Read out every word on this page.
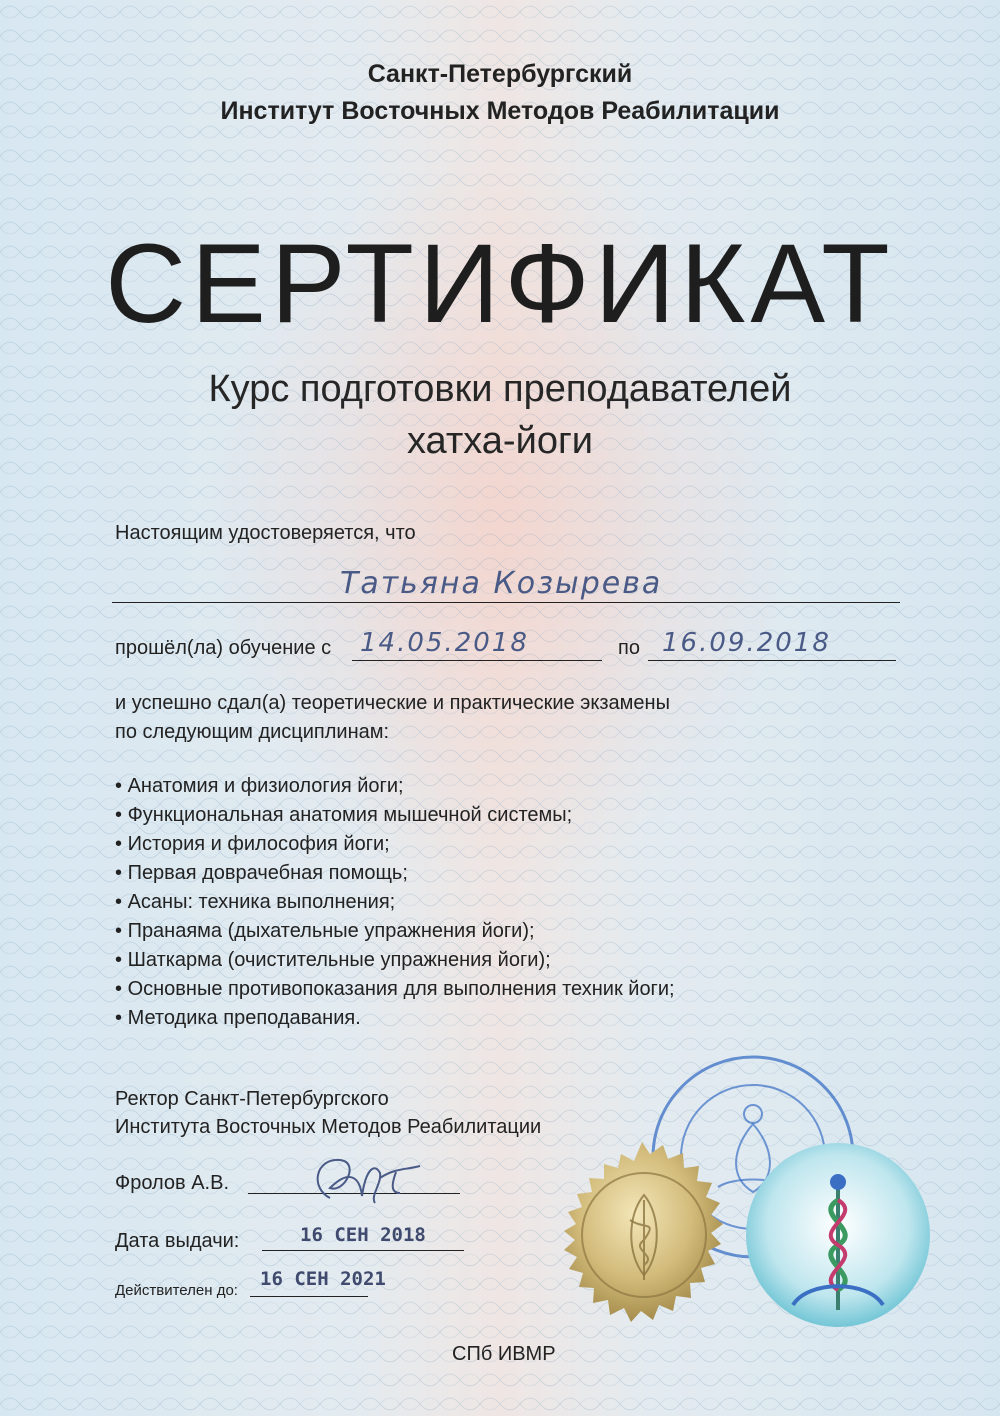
Санкт-Петербургский
Институт Восточных Методов Реабилитации
СЕРТИФИКАТ
Курс подготовки преподавателей
хатха-йоги
Настоящим удостоверяется, что
Татьяна Козырева
прошёл(ла) обучение с 14.05.2018	по 16.09.2018
и успешно сдал(а) теоретические и практические экзамены
по следующим дисциплинам:
• Анатомия и физиология йоги;
• Функциональная анатомия мышечной системы;
• История и философия йоги;
• Первая доврачебная помощь;
• Асаны: техника выполнения;
• Пранаяма (дыхательные упражнения йоги);
• Шаткарма (очистительные упражнения йоги);
• Основные противопоказания для выполнения техник йоги;
• Методика преподавания.
Ректор Санкт-Петербургского
Института Восточных Методов Реабилитации
Фролов А.В.
Дата выдачи:	16 СЕН 2018
Действителен до:
16 СЕН 2021
СПб ИВМР
